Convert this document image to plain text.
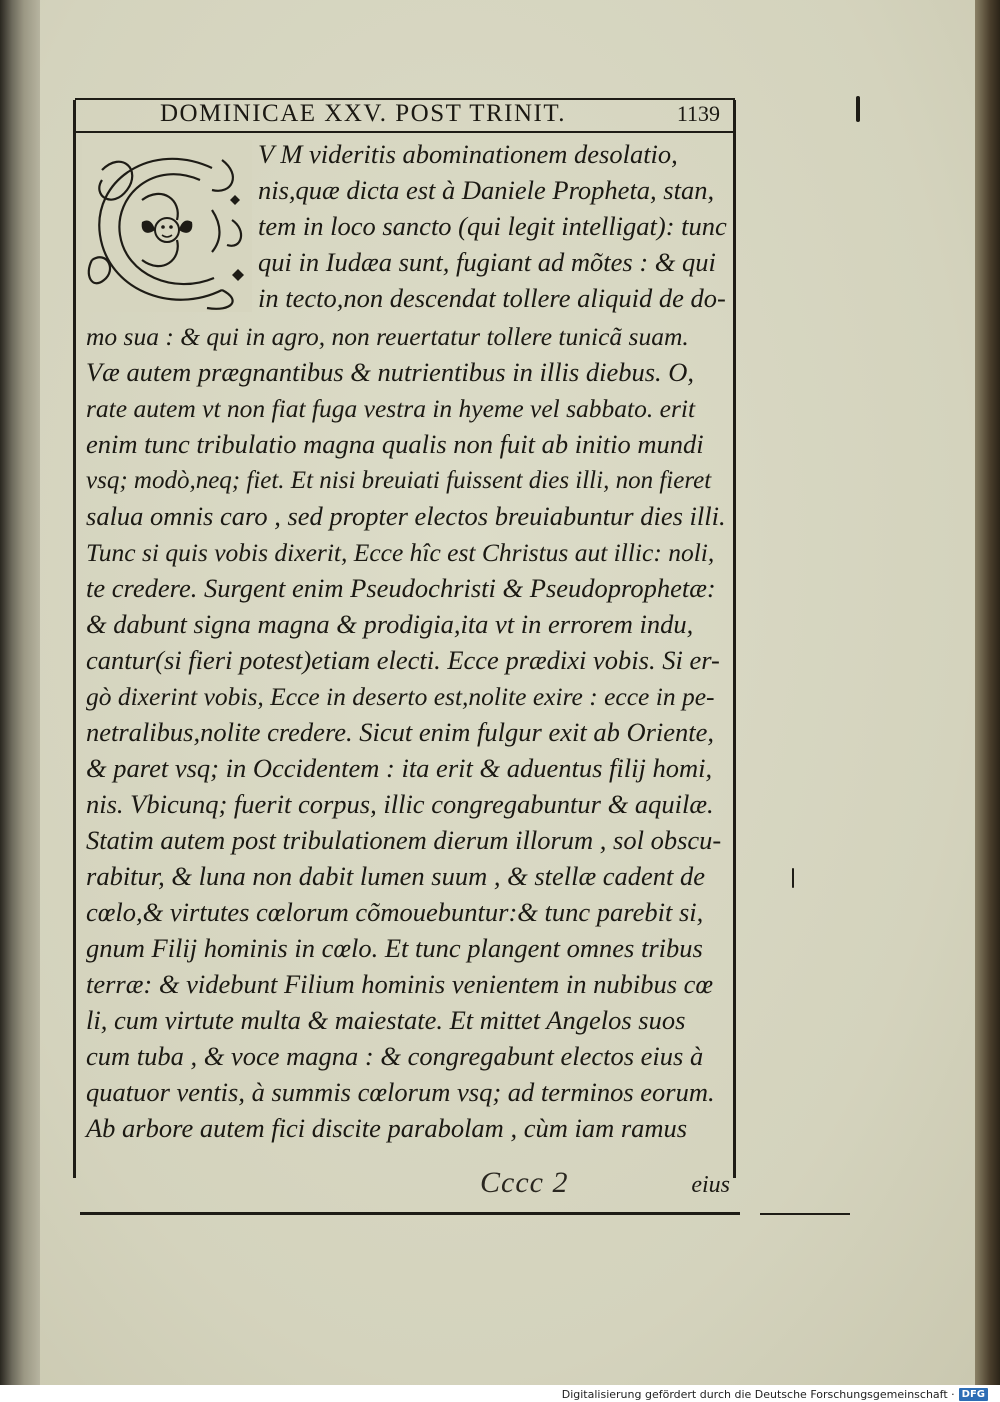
DOMINICAE XXV. POST TRINIT.	1139
V M videritis abominationem desolatio,
nis,quæ dicta est à Daniele Propheta, stan,
tem in loco sancto (qui legit intelligat): tunc
qui in Iudæa sunt, fugiant ad mõtes : & qui
in tecto,non descendat tollere aliquid de do-
mo sua : & qui in agro, non reuertatur tollere tunicã suam.
Væ autem prægnantibus & nutrientibus in illis diebus. O,
rate autem vt non fiat fuga vestra in hyeme vel sabbato. erit
enim tunc tribulatio magna qualis non fuit ab initio mundi
vsq; modò,neq; fiet. Et nisi breuiati fuissent dies illi, non fieret
salua omnis caro , sed propter electos breuiabuntur dies illi.
Tunc si quis vobis dixerit, Ecce hîc est Christus aut illic: noli,
te credere. Surgent enim Pseudochristi & Pseudoprophetæ:
& dabunt signa magna & prodigia,ita vt in errorem indu,
cantur(si fieri potest)etiam electi. Ecce prædixi vobis. Si er-
gò dixerint vobis, Ecce in deserto est,nolite exire : ecce in pe-
netralibus,nolite credere. Sicut enim fulgur exit ab Oriente,
& paret vsq; in Occidentem : ita erit & aduentus filij homi,
nis. Vbicunq; fuerit corpus, illic congregabuntur & aquilæ.
Statim autem post tribulationem dierum illorum , sol obscu-
rabitur, & luna non dabit lumen suum , & stellæ cadent de
cœlo,& virtutes cœlorum cõmouebuntur:& tunc parebit si,
gnum Filij hominis in cœlo. Et tunc plangent omnes tribus
terræ: & videbunt Filium hominis venientem in nubibus cœ
li, cum virtute multa & maiestate. Et mittet Angelos suos
cum tuba , & voce magna : & congregabunt electos eius à
quatuor ventis, à summis cœlorum vsq; ad terminos eorum.
Ab arbore autem fici discite parabolam , cùm iam ramus
Cccc 2	eius
Digitalisierung gefördert durch die Deutsche Forschungsgemeinschaft · DFG
